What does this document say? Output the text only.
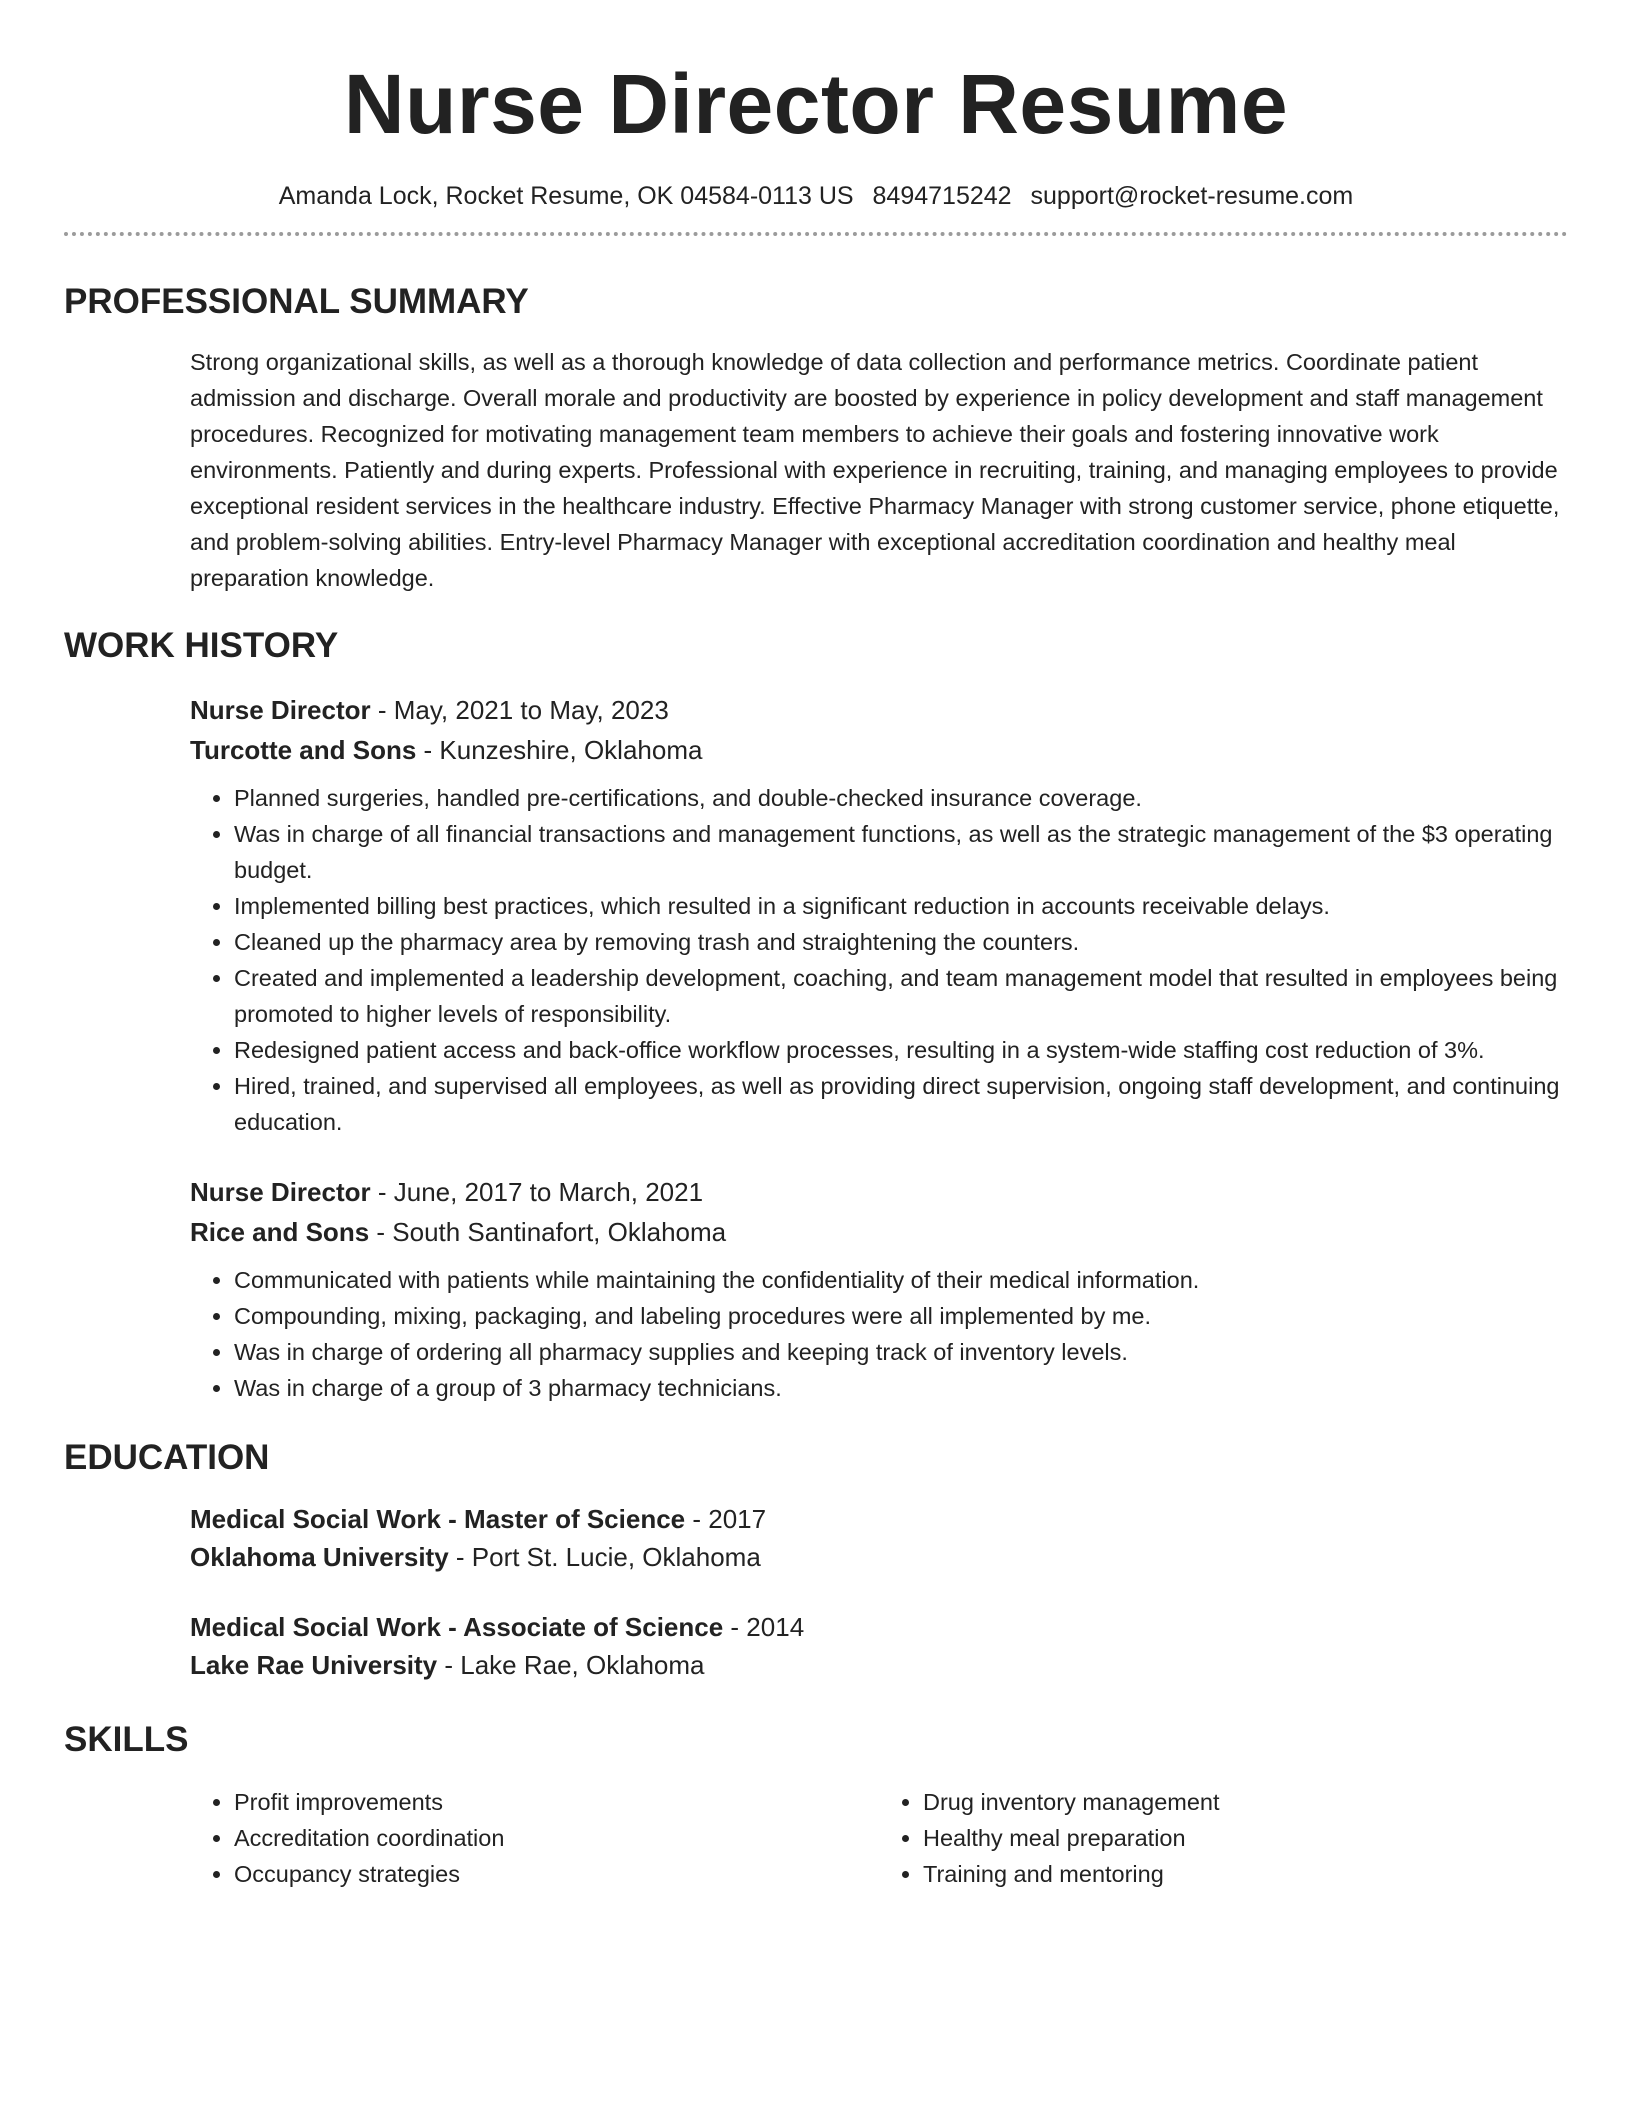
Nurse Director Resume
Amanda Lock, Rocket Resume, OK 04584-0113 US 8494715242 support@rocket-resume.com
PROFESSIONAL SUMMARY

Strong organizational skills, as well as a thorough knowledge of data collection and performance metrics. Coordinate patient admission and discharge. Overall morale and productivity are boosted by experience in policy development and staff management procedures. Recognized for motivating management team members to achieve their goals and fostering innovative work environments. Patiently and during experts. Professional with experience in recruiting, training, and managing employees to provide exceptional resident services in the healthcare industry. Effective Pharmacy Manager with strong customer service, phone etiquette, and problem-solving abilities. Entry-level Pharmacy Manager with exceptional accreditation coordination and healthy meal preparation knowledge.

WORK HISTORY
Nurse Director - May, 2021 to May, 2023
Turcotte and Sons - Kunzeshire, Oklahoma
• Planned surgeries, handled pre-certifications, and double-checked insurance coverage.
• Was in charge of all financial transactions and management functions, as well as the strategic management of the $3 operating budget.
• Implemented billing best practices, which resulted in a significant reduction in accounts receivable delays.
• Cleaned up the pharmacy area by removing trash and straightening the counters.
• Created and implemented a leadership development, coaching, and team management model that resulted in employees being promoted to higher levels of responsibility.
• Redesigned patient access and back-office workflow processes, resulting in a system-wide staffing cost reduction of 3%.
• Hired, trained, and supervised all employees, as well as providing direct supervision, ongoing staff development, and continuing education.
Nurse Director - June, 2017 to March, 2021
Rice and Sons - South Santinafort, Oklahoma
• Communicated with patients while maintaining the confidentiality of their medical information.
• Compounding, mixing, packaging, and labeling procedures were all implemented by me.
• Was in charge of ordering all pharmacy supplies and keeping track of inventory levels.
• Was in charge of a group of 3 pharmacy technicians.
EDUCATION
Medical Social Work - Master of Science - 2017
Oklahoma University - Port St. Lucie, Oklahoma
Medical Social Work - Associate of Science - 2014
Lake Rae University - Lake Rae, Oklahoma
SKILLS
• Profit improvements
• Accreditation coordination
• Occupancy strategies
• Drug inventory management
• Healthy meal preparation
• Training and mentoring
